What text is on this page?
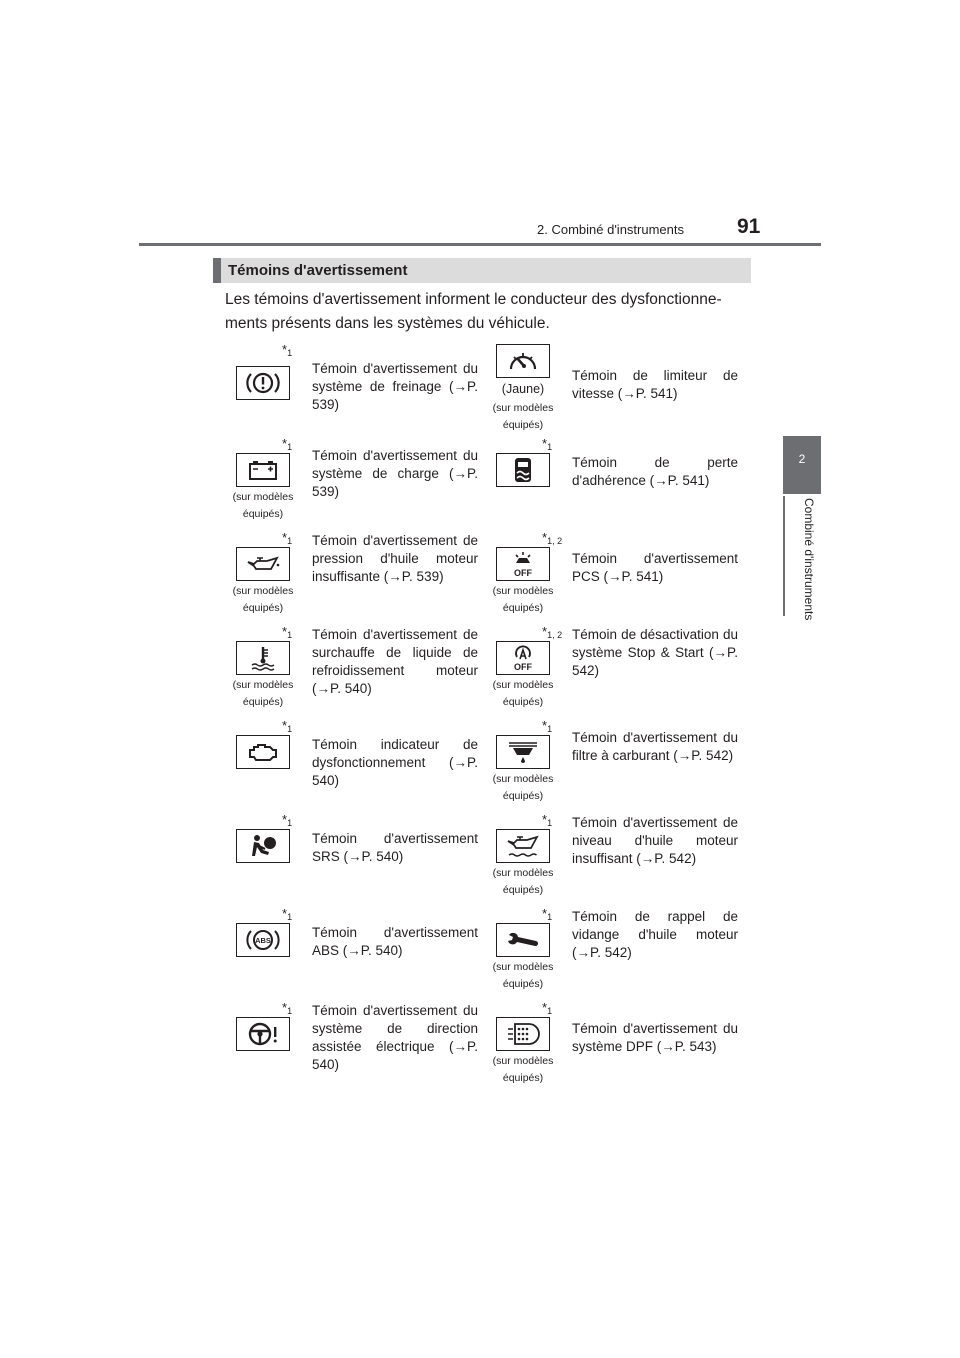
2. Combiné d'instruments	91
2
Combiné d'instruments
Témoins d'avertissement
Les témoins d'avertissement informent le conducteur des dysfonctionne-
ments présents dans les systèmes du véhicule.
$*_1$
Témoin d'avertissement du système de freinage (→P. 539)
$*_1$
(sur modèles
équipés)
Témoin d'avertissement du système de charge (→P. 539)
$*_1$
(sur modèles
équipés)
Témoin d'avertissement de pression d'huile moteur insuffisante (→P. 539)
$*_1$
(sur modèles
équipés)
Témoin d'avertissement de surchauffe de liquide de refroidissement moteur (→P. 540)
$*_1$
Témoin indicateur de dysfonctionnement (→P. 540)
$*_1$
Témoin d'avertissement SRS (→P. 540)
$*_1$
ABS
Témoin d'avertissement ABS (→P. 540)
$*_1$ Témoin d'avertissement du système de direction assistée électrique (→P. 540)
(Jaune)
(sur modèles
équipés)
Témoin de limiteur de vitesse (→P. 541)
$*_1$
Témoin de perte d'adhérence (→P. 541)
$*_{1, 2}$
OFF
(sur modèles
équipés)
Témoin d'avertissement PCS (→P. 541)
$*_{1, 2}$
OFF
(sur modèles
équipés)
Témoin de désactivation du système Stop & Start (→P. 542)
$*_1$
(sur modèles
équipés)
Témoin d'avertissement du filtre à carburant (→P. 542)
$*_1$
(sur modèles
équipés)
Témoin d'avertissement de niveau d'huile moteur insuffisant (→P. 542)
$*_1$
(sur modèles
équipés)
Témoin de rappel de vidange d'huile moteur (→P. 542)
$*_1$
(sur modèles
équipés)
Témoin d'avertissement du système DPF (→P. 543)
